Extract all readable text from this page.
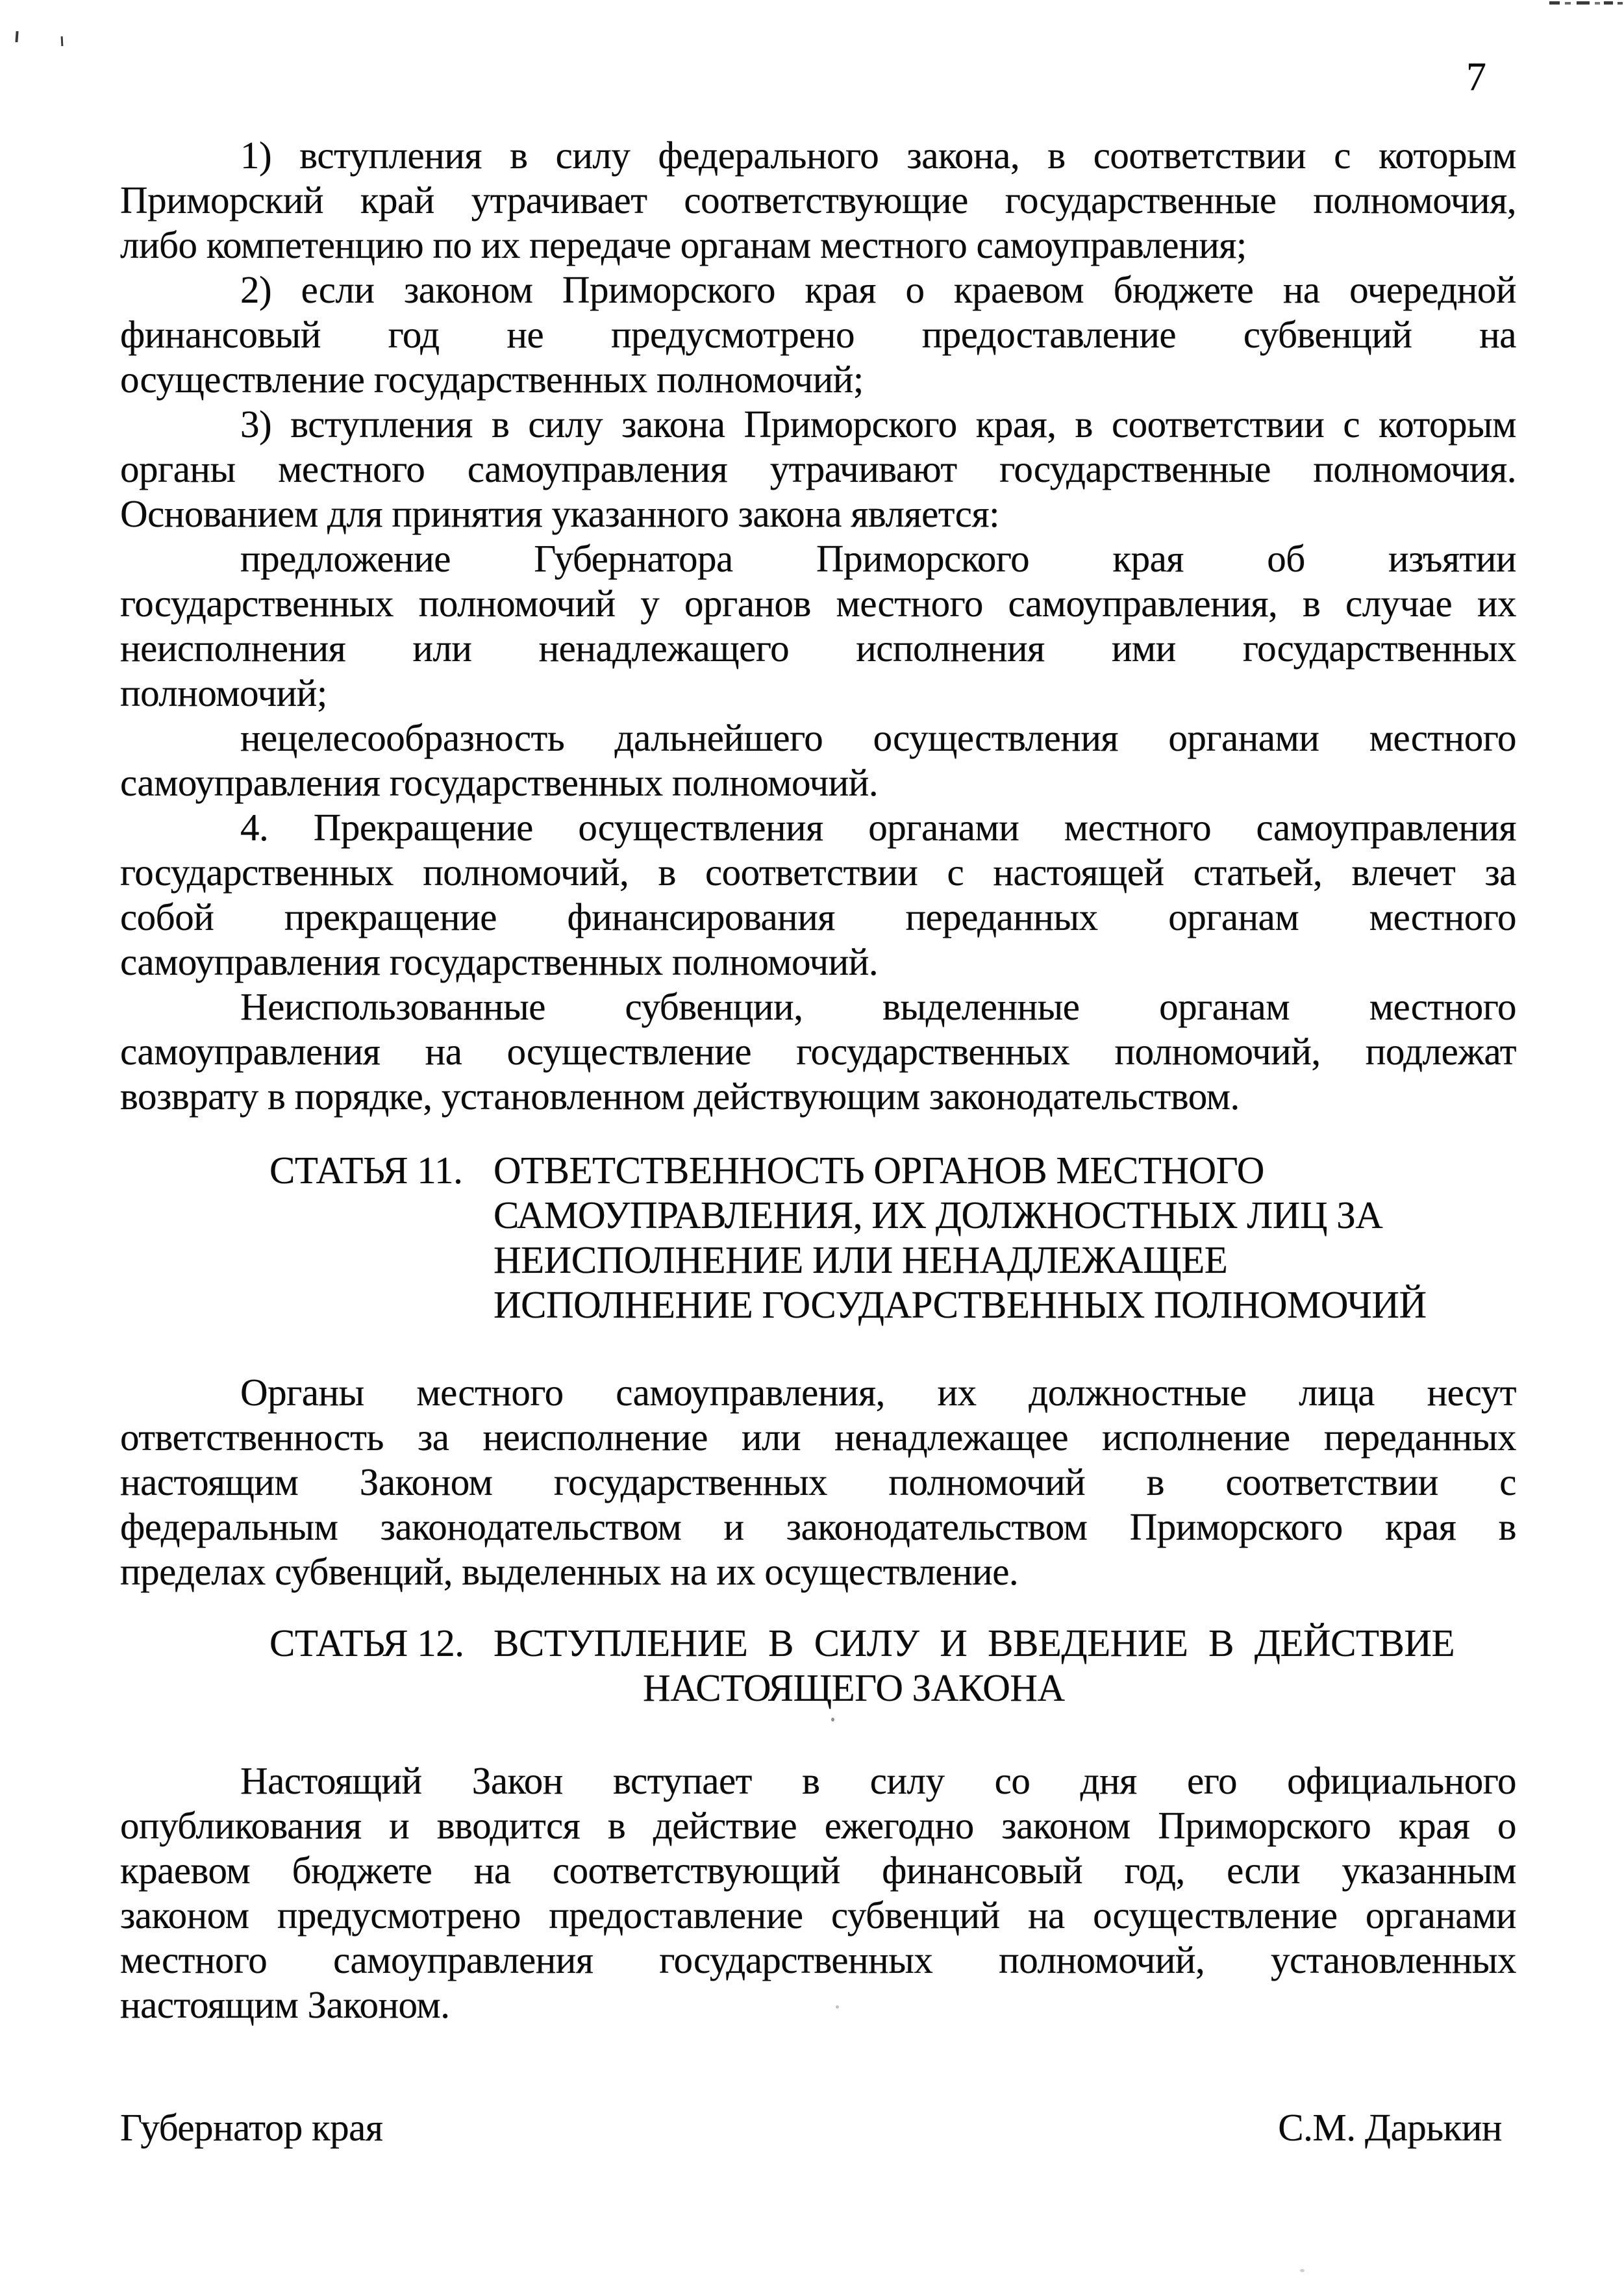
7
1) вступления в силу федерального закона, в соответствии с которым
Приморский край утрачивает соответствующие государственные полномочия,
либо компетенцию по их передаче органам местного самоуправления;
2) если законом Приморского края о краевом бюджете на очередной
финансовый год не предусмотрено предоставление субвенций на
осуществление государственных полномочий;
3) вступления в силу закона Приморского края, в соответствии с которым
органы местного самоуправления утрачивают государственные полномочия.
Основанием для принятия указанного закона является:
предложение Губернатора Приморского края об изъятии
государственных полномочий у органов местного самоуправления, в случае их
неисполнения или ненадлежащего исполнения ими государственных
полномочий;
нецелесообразность дальнейшего осуществления органами местного
самоуправления государственных полномочий.
4. Прекращение осуществления органами местного самоуправления
государственных полномочий, в соответствии с настоящей статьей, влечет за
собой прекращение финансирования переданных органам местного
самоуправления государственных полномочий.
Неиспользованные субвенции, выделенные органам местного
самоуправления на осуществление государственных полномочий, подлежат
возврату в порядке, установленном действующим законодательством.
СТАТЬЯ 11. ОТВЕТСТВЕННОСТЬ ОРГАНОВ МЕСТНОГО
САМОУПРАВЛЕНИЯ, ИХ ДОЛЖНОСТНЫХ ЛИЦ ЗА
НЕИСПОЛНЕНИЕ ИЛИ НЕНАДЛЕЖАЩЕЕ
ИСПОЛНЕНИЕ ГОСУДАРСТВЕННЫХ ПОЛНОМОЧИЙ
Органы местного самоуправления, их должностные лица несут
ответственность за неисполнение или ненадлежащее исполнение переданных
настоящим Законом государственных полномочий в соответствии с
федеральным законодательством и законодательством Приморского края в
пределах субвенций, выделенных на их осуществление.
СТАТЬЯ 12. ВСТУПЛЕНИЕ В СИЛУ И ВВЕДЕНИЕ В ДЕЙСТВИЕ
НАСТОЯЩЕГО ЗАКОНА
Настоящий Закон вступает в силу со дня его официального
опубликования и вводится в действие ежегодно законом Приморского края о
краевом бюджете на соответствующий финансовый год, если указанным
законом предусмотрено предоставление субвенций на осуществление органами
местного самоуправления государственных полномочий, установленных
настоящим Законом.
Губернатор края	С.М. Дарькин
